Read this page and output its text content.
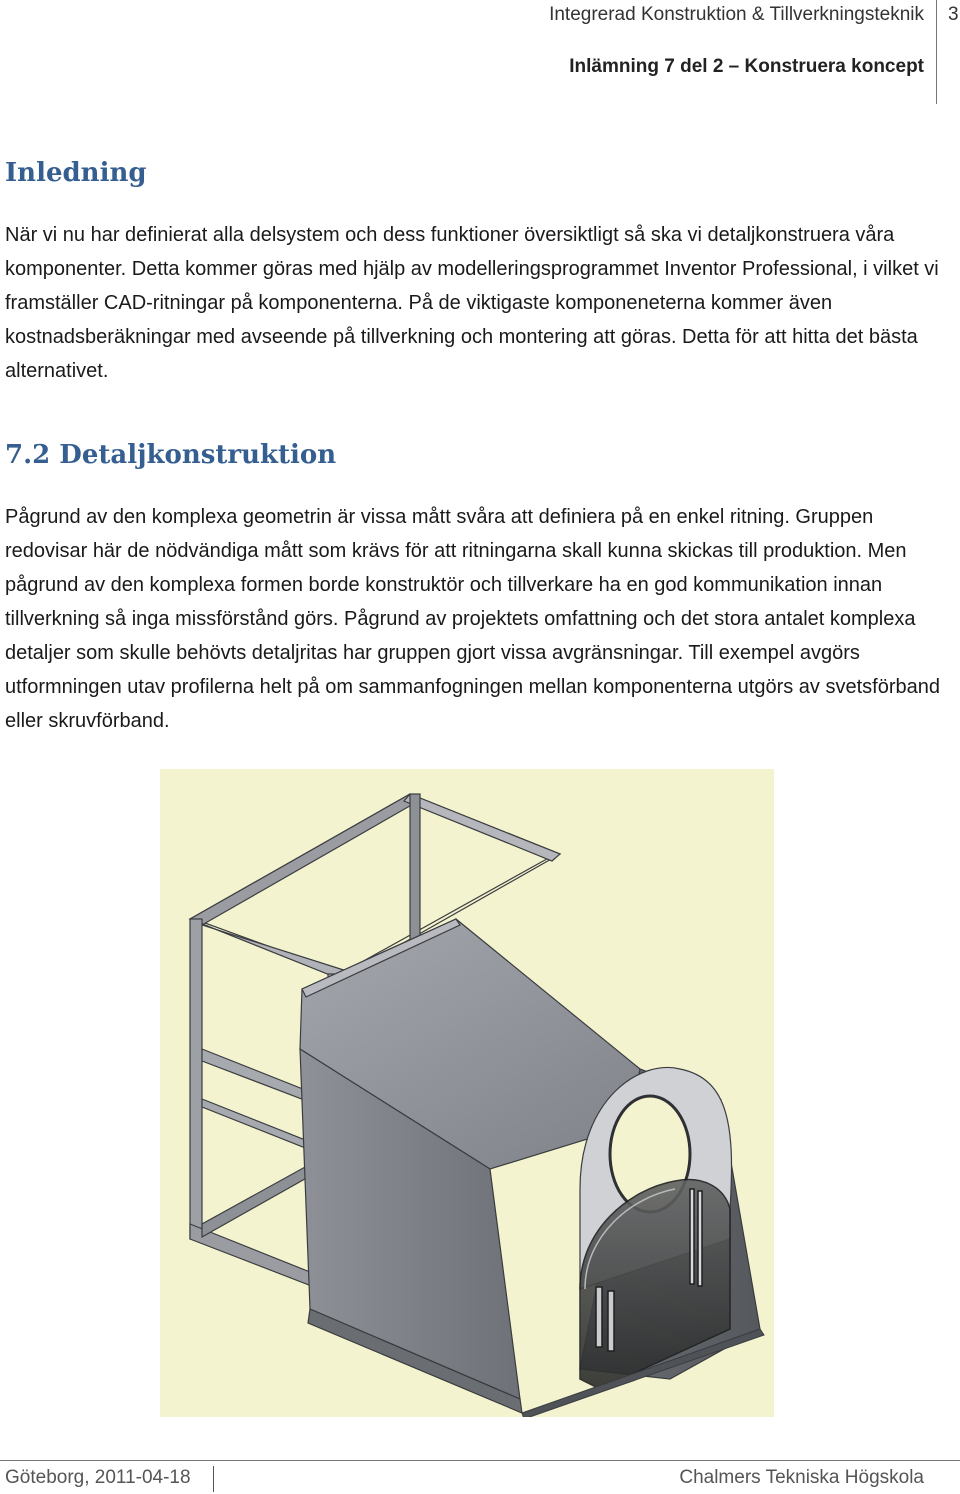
Integrerad Konstruktion & Tillverkningsteknik 3
Inlämning 7 del 2 – Konstruera koncept
Inledning

När vi nu har definierat alla delsystem och dess funktioner översiktligt så ska vi detaljkonstruera våra komponenter. Detta kommer göras med hjälp av modelleringsprogrammet Inventor Professional, i vilket vi framställer CAD-ritningar på komponenterna. På de viktigaste komponeneterna kommer även kostnadsberäkningar med avseende på tillverkning och montering att göras. Detta för att hitta det bästa alternativet.

7.2 Detaljkonstruktion

Pågrund av den komplexa geometrin är vissa mått svåra att definiera på en enkel ritning. Gruppen redovisar här de nödvändiga mått som krävs för att ritningarna skall kunna skickas till produktion. Men pågrund av den komplexa formen borde konstruktör och tillverkare ha en god kommunikation innan tillverkning så inga missförstånd görs. Pågrund av projektets omfattning och det stora antalet komplexa detaljer som skulle behövts detaljritas har gruppen gjort vissa avgränsningar. Till exempel avgörs utformningen utav profilerna helt på om sammanfogningen mellan komponenterna utgörs av svetsförband eller skruvförband.

Göteborg, 2011-04-18	Chalmers Tekniska Högskola
